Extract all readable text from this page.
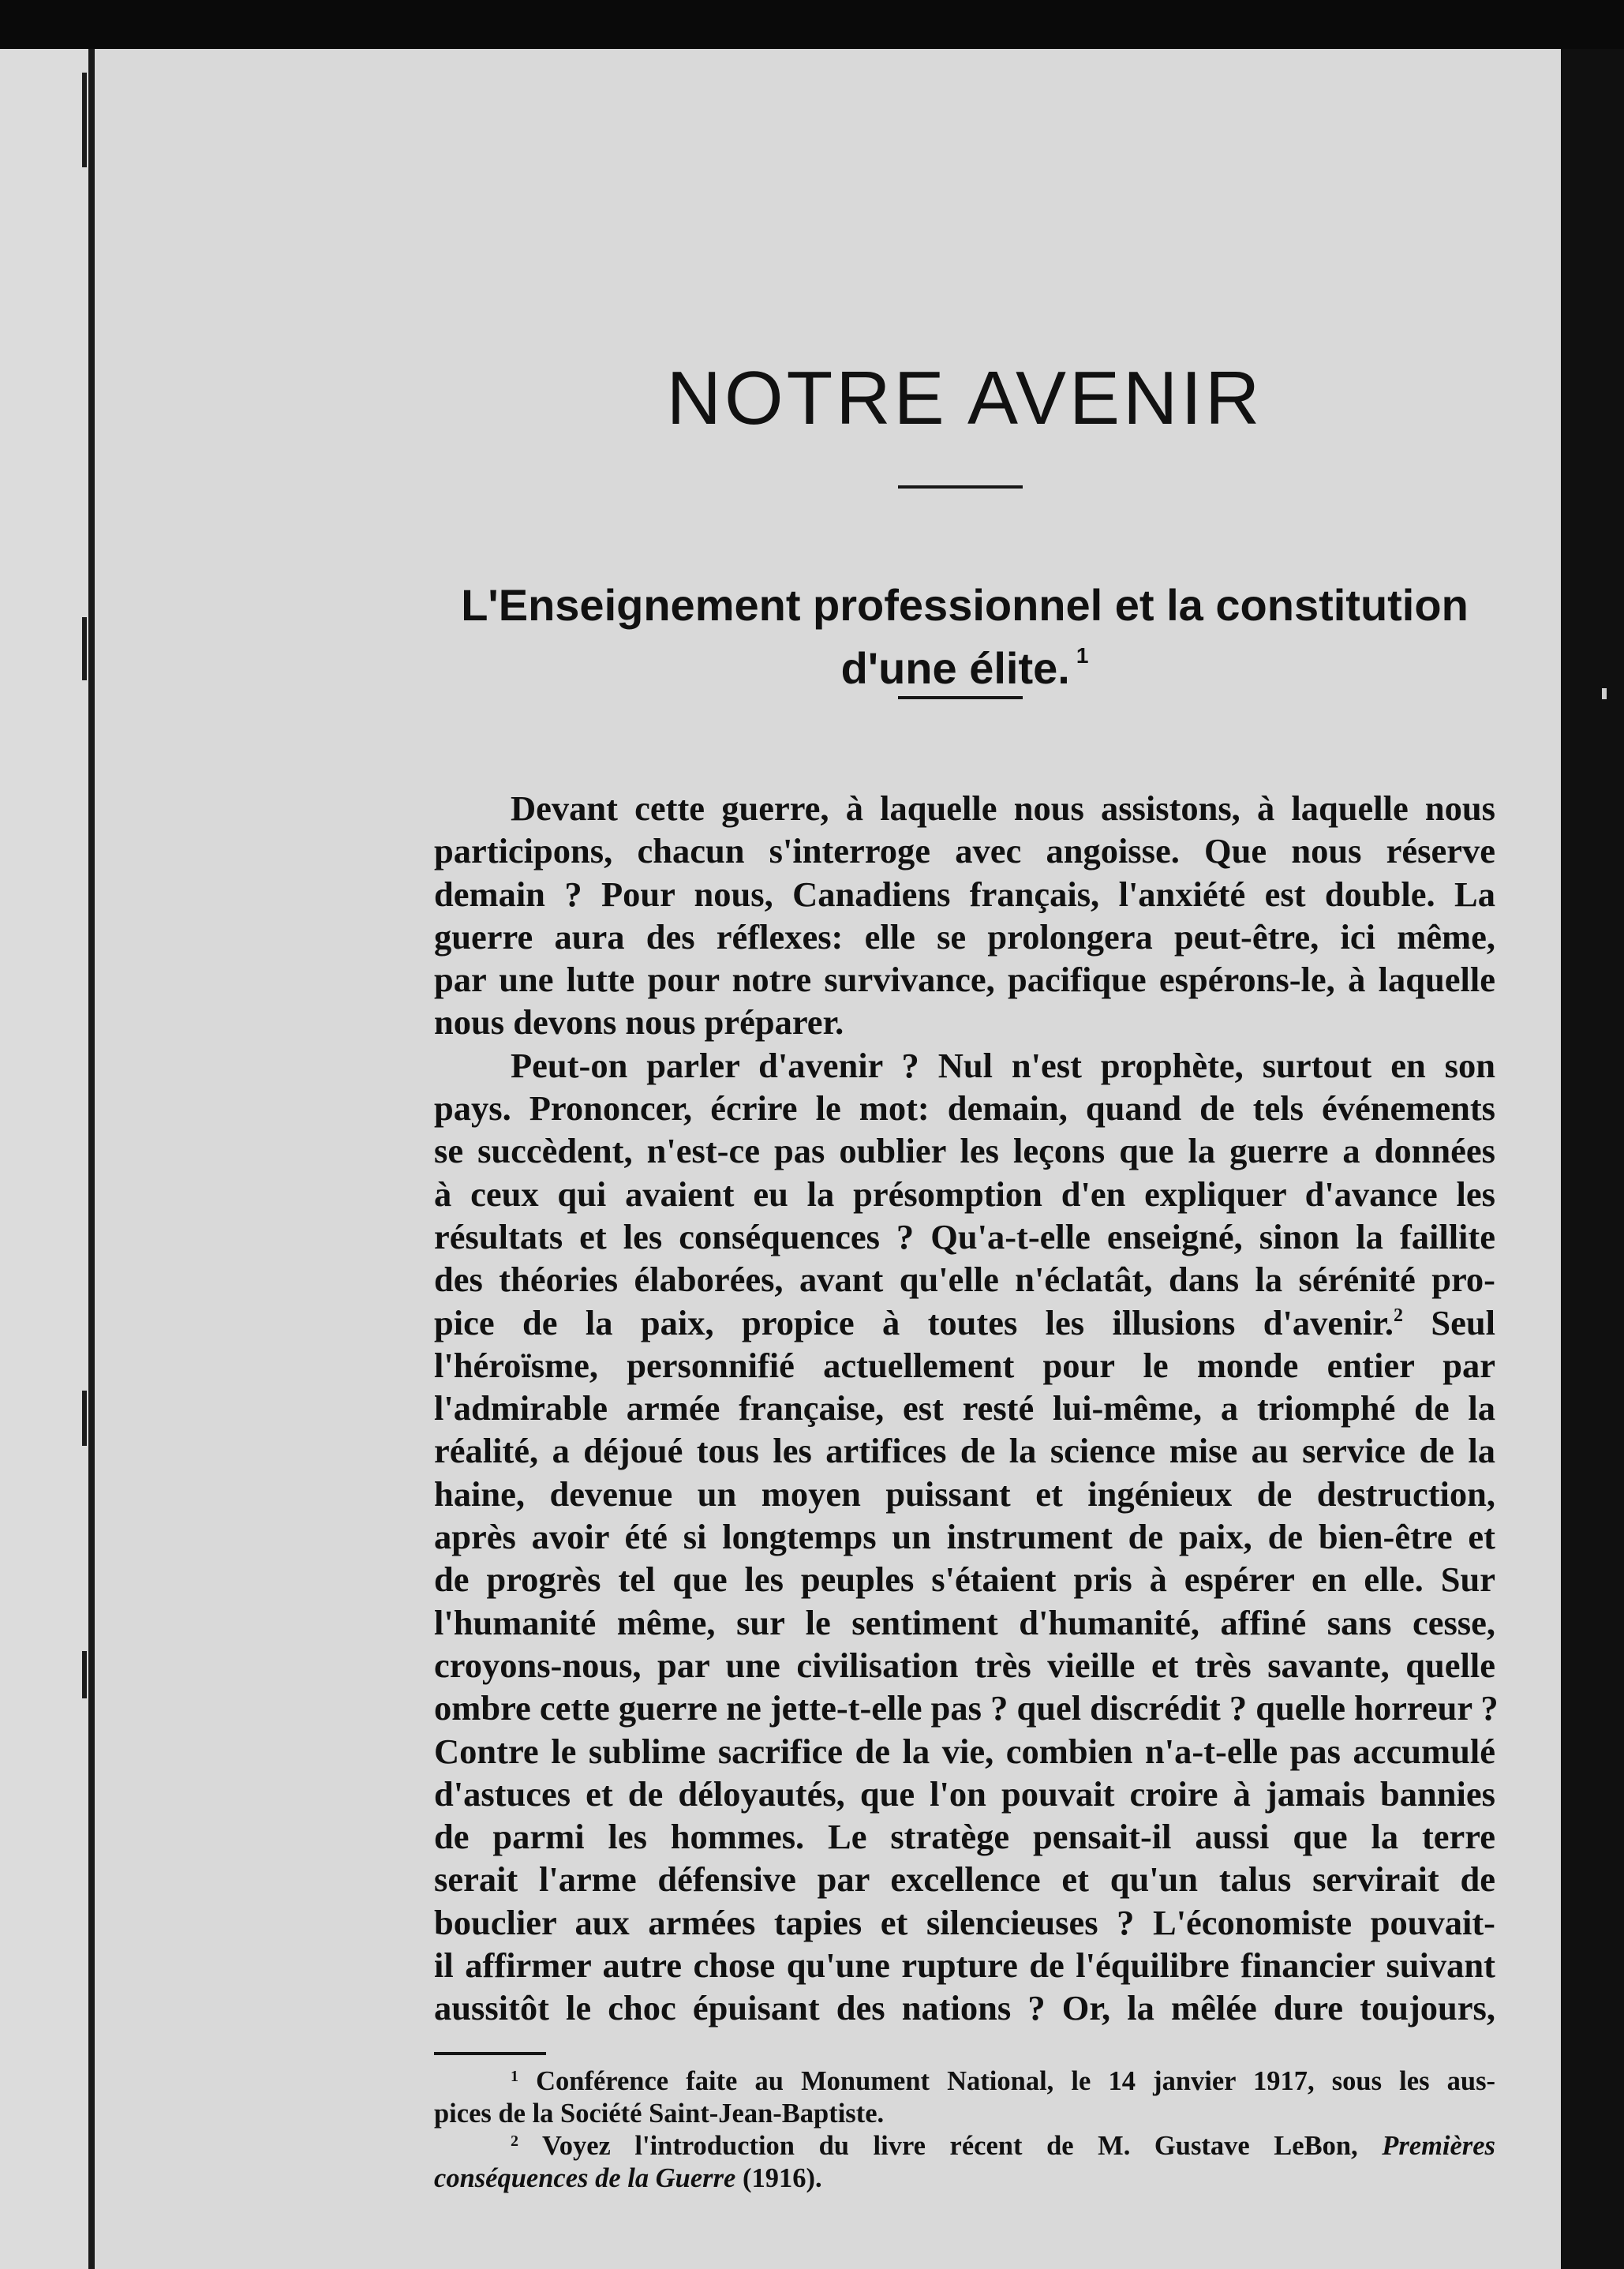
NOTRE AVENIR
L'Enseignement professionnel et la constitution
d'une élite. $^1$
Devant cette guerre, à laquelle nous assistons, à laquelle nous
participons, chacun s'interroge avec angoisse. Que nous réserve
demain ? Pour nous, Canadiens français, l'anxiété est double. La
guerre aura des réflexes: elle se prolongera peut-être, ici même,
par une lutte pour notre survivance, pacifique espérons-le, à laquelle
nous devons nous préparer.
Peut-on parler d'avenir ? Nul n'est prophète, surtout en son
pays. Prononcer, écrire le mot: demain, quand de tels événements
se succèdent, n'est-ce pas oublier les leçons que la guerre a données
à ceux qui avaient eu la présomption d'en expliquer d'avance les
résultats et les conséquences ? Qu'a-t-elle enseigné, sinon la faillite
des théories élaborées, avant qu'elle n'éclatât, dans la sérénité pro-
pice de la paix, propice à toutes les illusions d'avenir.$^2$ Seul
l'héroïsme, personnifié actuellement pour le monde entier par
l'admirable armée française, est resté lui-même, a triomphé de la
réalité, a déjoué tous les artifices de la science mise au service de la
haine, devenue un moyen puissant et ingénieux de destruction,
après avoir été si longtemps un instrument de paix, de bien-être et
de progrès tel que les peuples s'étaient pris à espérer en elle. Sur
l'humanité même, sur le sentiment d'humanité, affiné sans cesse,
croyons-nous, par une civilisation très vieille et très savante, quelle
ombre cette guerre ne jette-t-elle pas ? quel discrédit ? quelle horreur ?
Contre le sublime sacrifice de la vie, combien n'a-t-elle pas accumulé
d'astuces et de déloyautés, que l'on pouvait croire à jamais bannies
de parmi les hommes. Le stratège pensait-il aussi que la terre
serait l'arme défensive par excellence et qu'un talus servirait de
bouclier aux armées tapies et silencieuses ? L'économiste pouvait-
il affirmer autre chose qu'une rupture de l'équilibre financier suivant
aussitôt le choc épuisant des nations ? Or, la mêlée dure toujours,
$^1$ Conférence faite au Monument National, le 14 janvier 1917, sous les aus-
pices de la Société Saint-Jean-Baptiste.
$^2$ Voyez l'introduction du livre récent de M. Gustave LeBon, Premières
conséquences de la Guerre (1916).
